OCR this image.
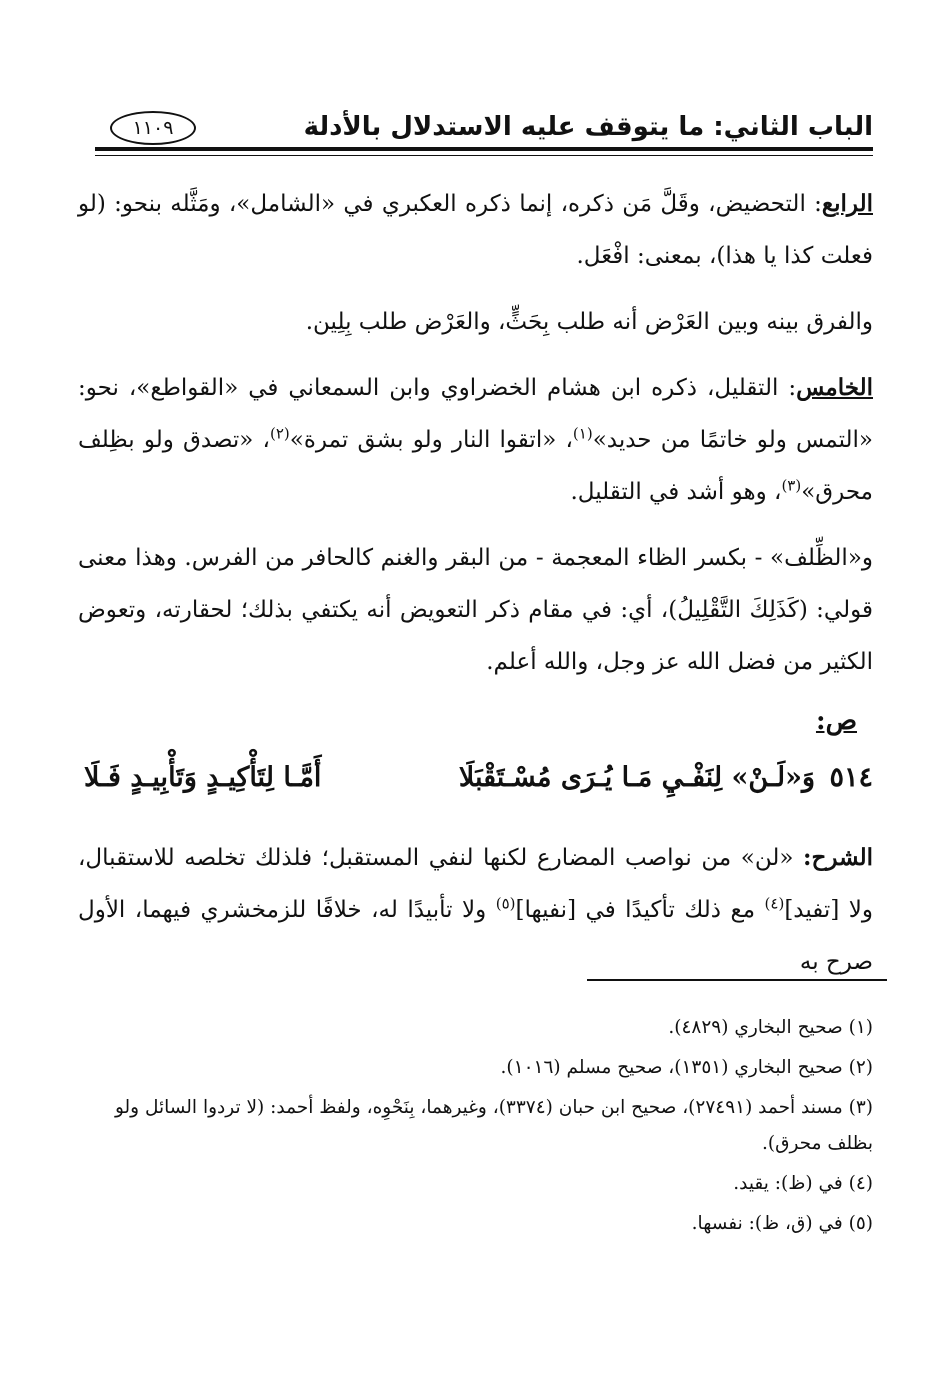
الباب الثاني: ما يتوقف عليه الاستدلال بالأدلة
١١٠٩

الرابع: التحضيض، وقَلَّ مَن ذكره، إنما ذكره العكبري في «الشامل»، ومَثَّله بنحو: (لو فعلت كذا يا هذا)، بمعنى: افْعَل.

والفرق بينه وبين العَرْض أنه طلب بِحَثٍّ، والعَرْض طلب بِلِين.

الخامس: التقليل، ذكره ابن هشام الخضراوي وابن السمعاني في «القواطع»، نحو: «التمس ولو خاتمًا من حديد»$^{(١)}$، «اتقوا النار ولو بشق تمرة»$^{(٢)}$، «تصدق ولو بظِلف محرق»$^{(٣)}$، وهو أشد في التقليل.

و«الظِّلف» - بكسر الظاء المعجمة - من البقر والغنم كالحافر من الفرس. وهذا معنى قولي: (كَذَلِكَ التَّقْلِيلُ)، أي: في مقام ذكر التعويض أنه يكتفي بذلك؛ لحقارته، وتعوض الكثير من فضل الله عز وجل، والله أعلم.

ص:
٥١٤
وَ«لَـنْ» لِنَفْـيِ مَـا يُـرَى مُسْـتَقْبَلَا
أَمَّـا لِتَأْكِيـدٍ وَتَأْبِيـدٍ فَـلَا
الشرح: «لن» من نواصب المضارع لكنها لنفي المستقبل؛ فلذلك تخلصه للاستقبال، ولا [تفيد]$^{(٤)}$ مع ذلك تأكيدًا في [نفيها]$^{(٥)}$ ولا تأبيدًا له، خلافًا للزمخشري فيهما، الأول صرح به

(١) صحيح البخاري (٤٨٢٩).

(٢) صحيح البخاري (١٣٥١)، صحيح مسلم (١٠١٦).

(٣) مسند أحمد (٢٧٤٩١)، صحيح ابن حبان (٣٣٧٤)، وغيرهما، بِنَحْوِه، ولفظ أحمد: (لا تردوا السائل ولو بظلف محرق).

(٤) في (ظ): يقيد.

(٥) في (ق، ظ): نفسها.
